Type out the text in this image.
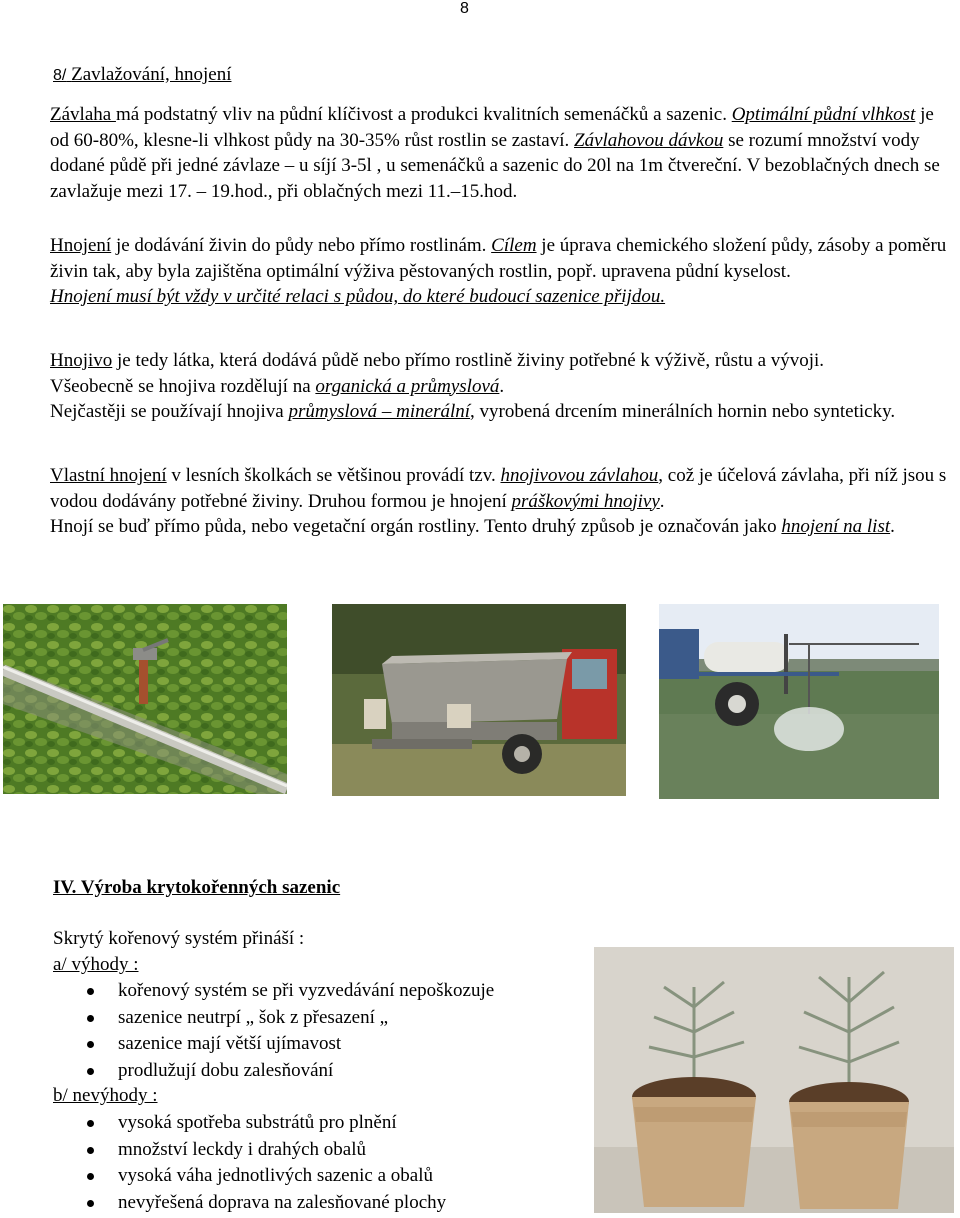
8
8/ Zavlažování, hnojení

Závlaha má podstatný vliv na půdní klíčivost a produkci kvalitních semenáčků a sazenic. Optimální půdní vlhkost je od 60-80%, klesne-li vlhkost půdy na 30-35% růst rostlin se zastaví. Závlahovou dávkou se rozumí množství vody dodané půdě při jedné závlaze – u síjí 3-5l , u semenáčků a sazenic do 20l na 1m čtvereční. V bezoblačných dnech se zavlažuje mezi 17. – 19.hod., při oblačných mezi 11.–15.hod.

Hnojení je dodávání živin do půdy nebo přímo rostlinám. Cílem je úprava chemického složení půdy, zásoby a poměru živin tak, aby byla zajištěna optimální výživa pěstovaných rostlin, popř. upravena půdní kyselost.
Hnojení musí být vždy v určité relaci s půdou, do které budoucí sazenice přijdou.

Hnojivo je tedy látka, která dodává půdě nebo přímo rostlině živiny potřebné k výživě, růstu a vývoji.
Všeobecně se hnojiva rozdělují na organická a průmyslová.
Nejčastěji se používají hnojiva průmyslová – minerální, vyrobená drcením minerálních hornin nebo synteticky.

Vlastní hnojení v lesních školkách se většinou provádí tzv. hnojivovou závlahou, což je účelová závlaha, při níž jsou s vodou dodávány potřebné živiny. Druhou formou je hnojení práškovými hnojivy.
Hnojí se buď přímo půda, nebo vegetační orgán rostliny. Tento druhý způsob je označován jako hnojení na list.

IV. Výroba krytokořenných sazenic
Skrytý kořenový systém přináší :
a/ výhody :
kořenový systém se při vyzvedávání nepoškozuje
sazenice neutrpí „ šok z přesazení „
sazenice mají větší ujímavost
prodlužují dobu zalesňování
b/ nevýhody :
vysoká spotřeba substrátů pro plnění
množství leckdy i drahých obalů
vysoká váha jednotlivých sazenic a obalů
nevyřešená doprava na zalesňované plochy
